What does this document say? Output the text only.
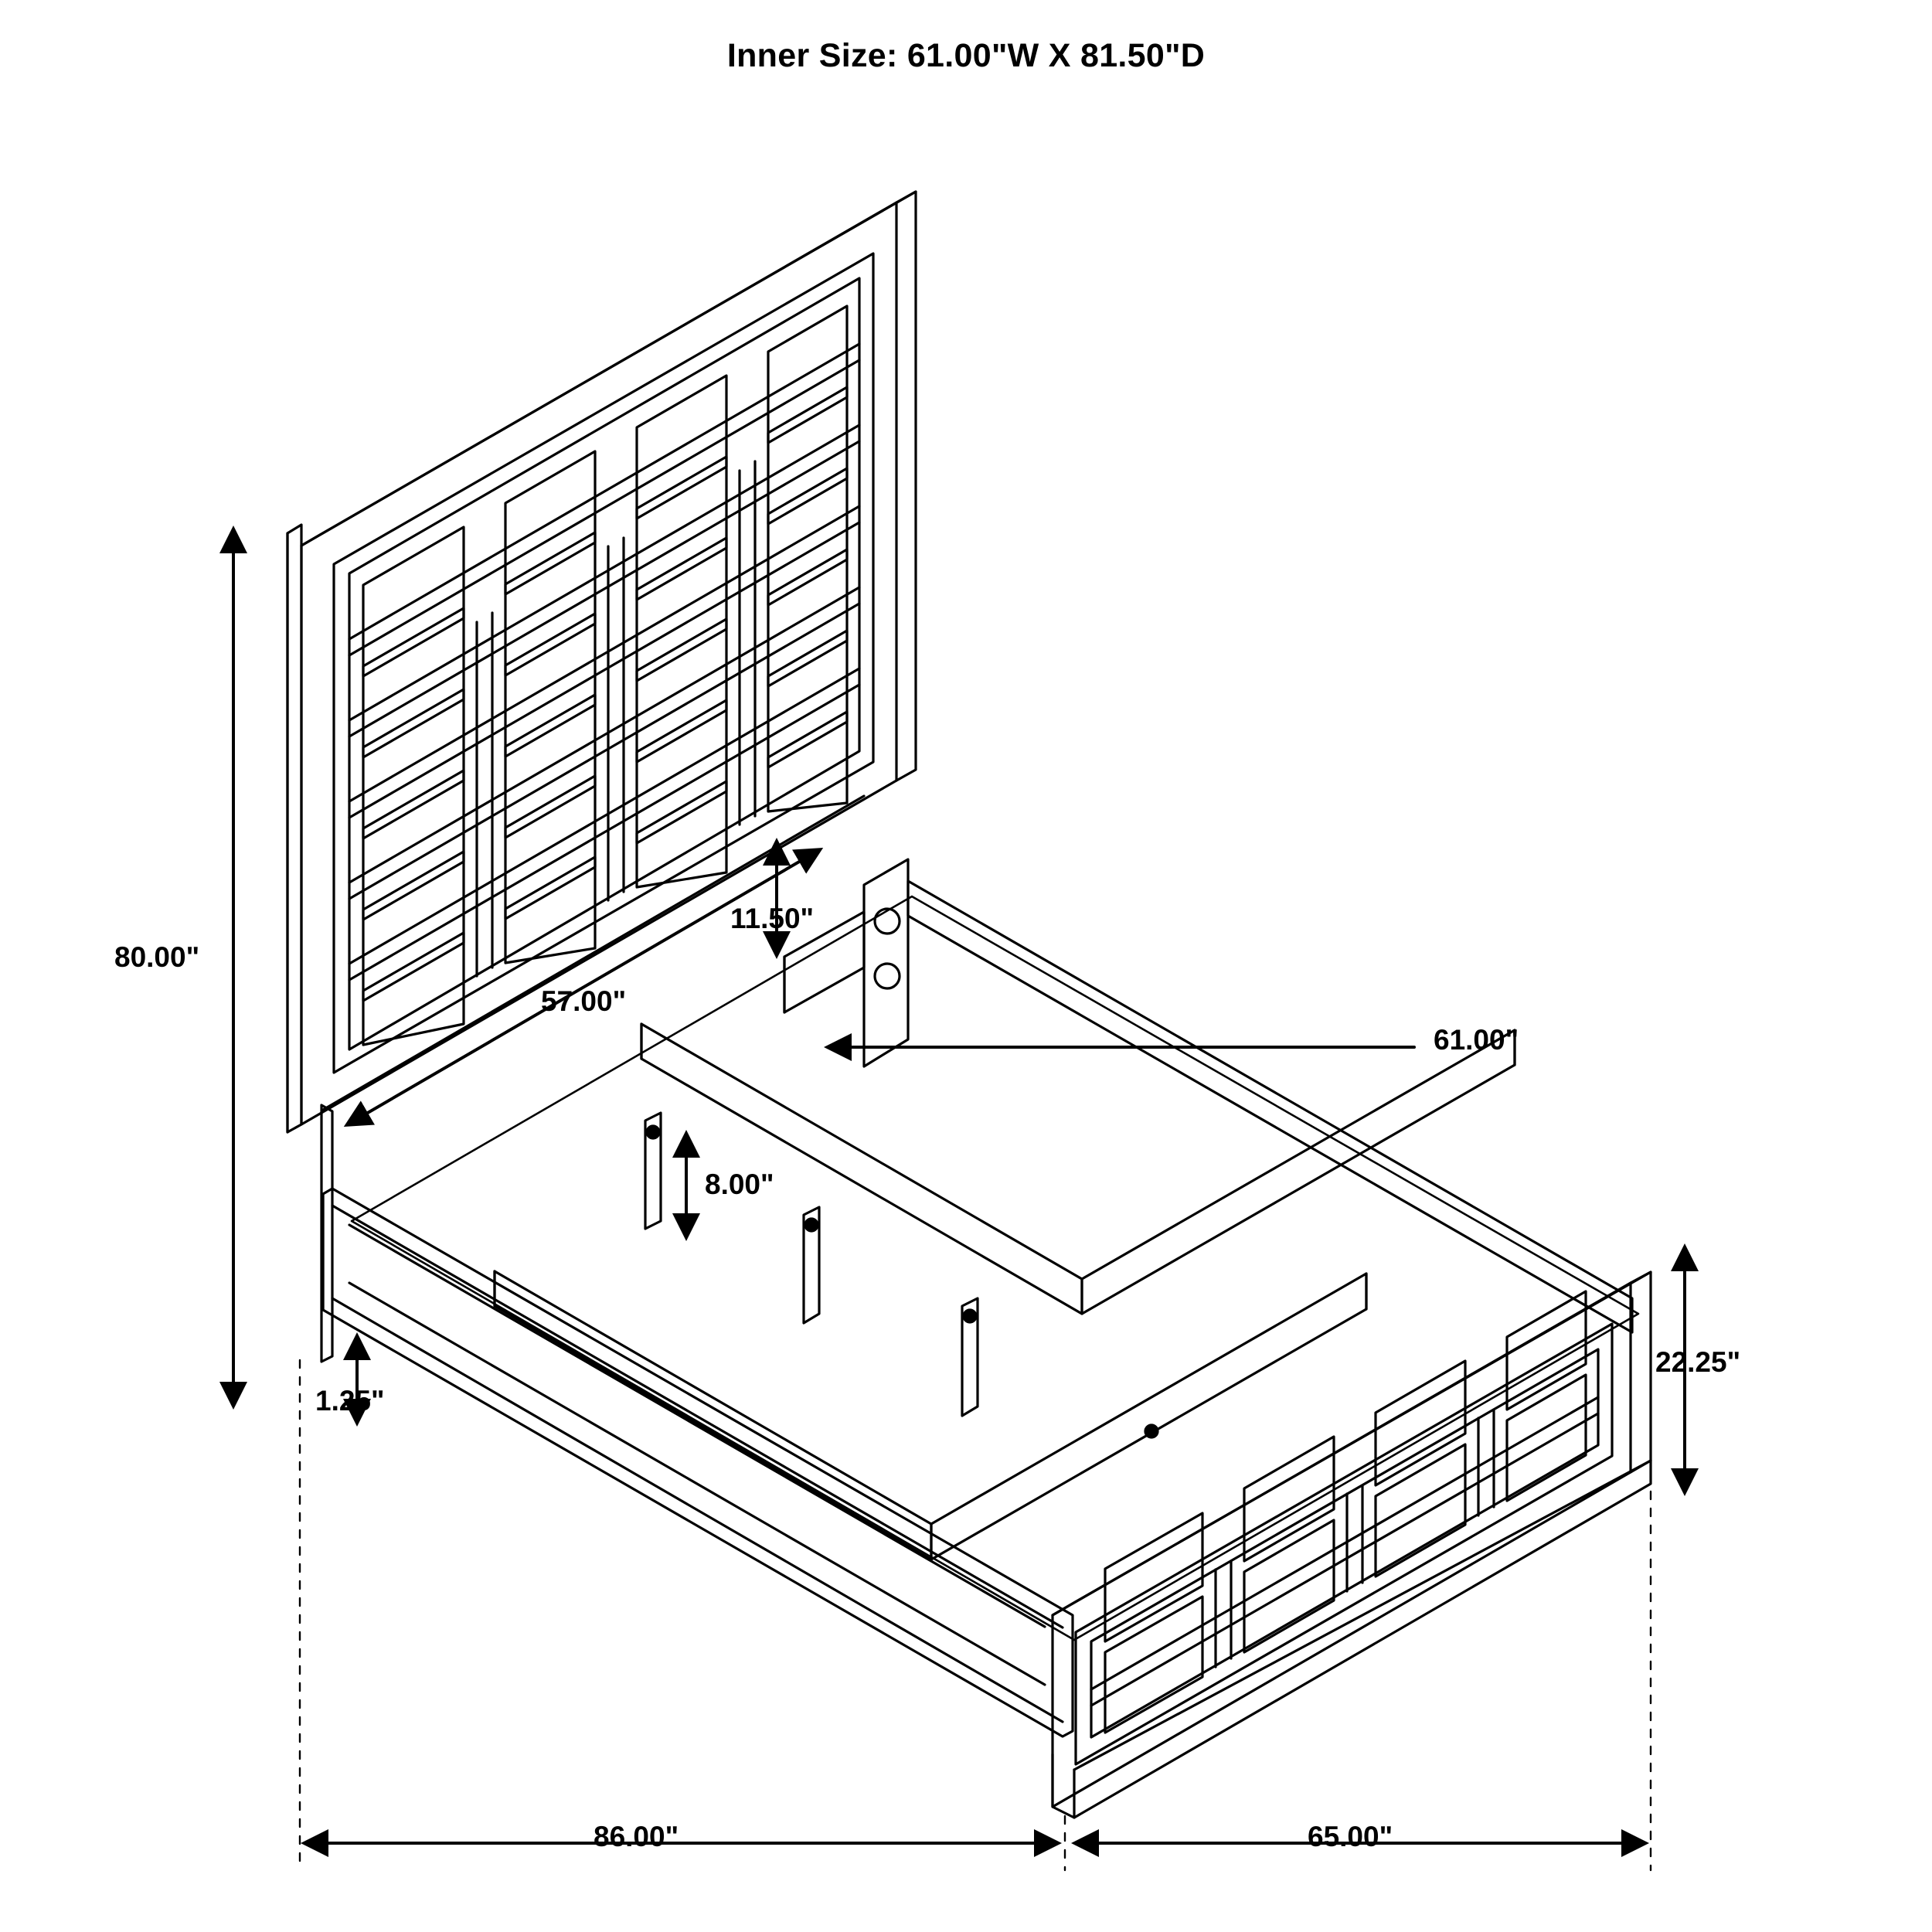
Inner Size: 61.00"W X 81.50"D
80.00"
57.00"
11.50"
61.00"
8.00"
1.25"
22.25"
86.00"	65.00"
